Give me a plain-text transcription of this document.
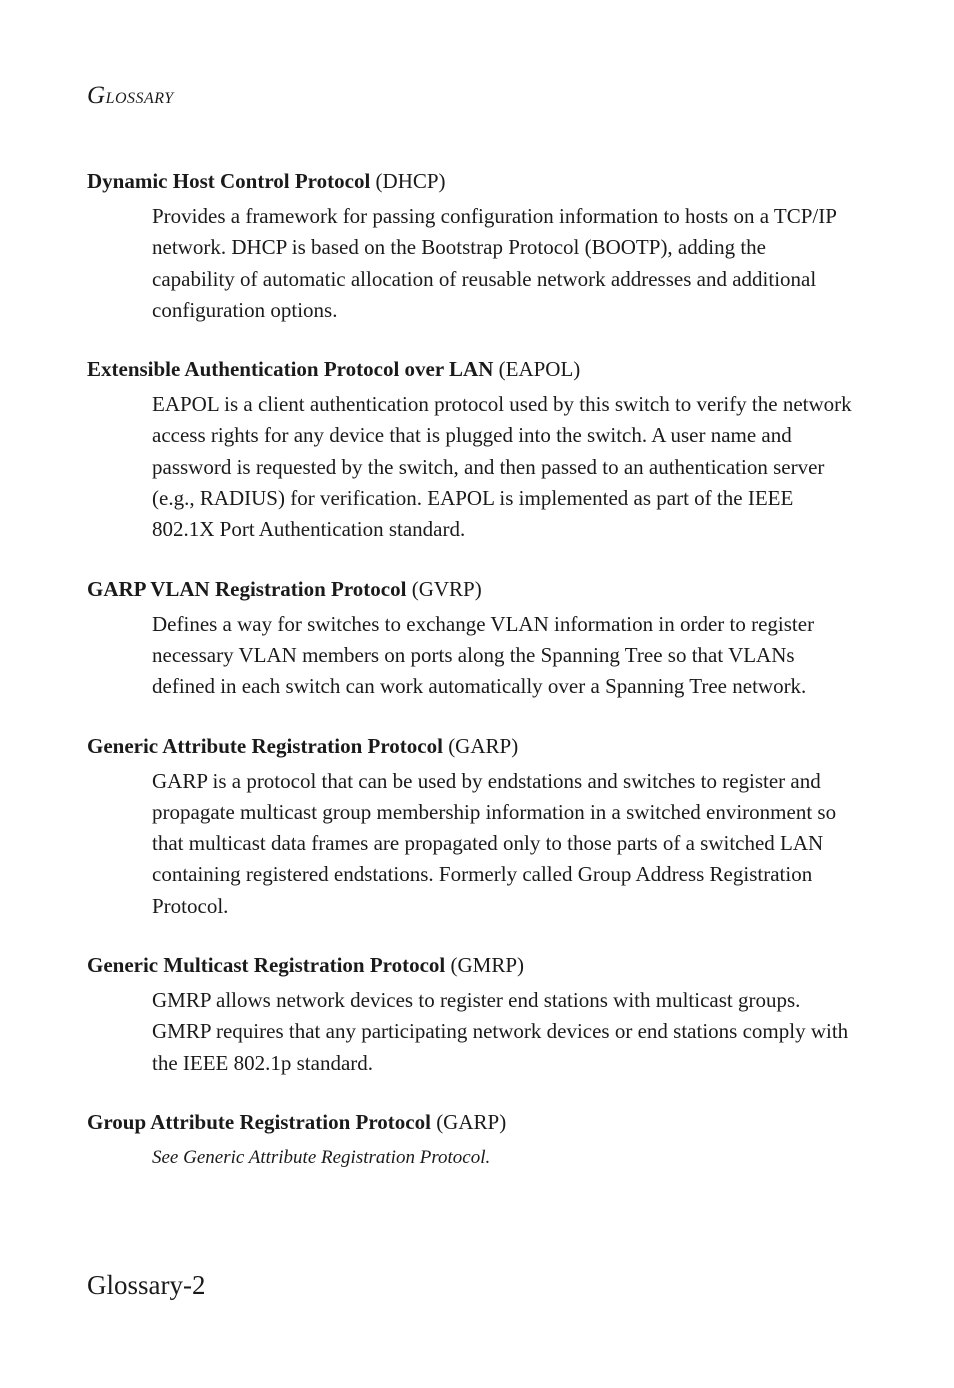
GLOSSARY

Dynamic Host Control Protocol (DHCP)

Provides a framework for passing configuration information to hosts on a TCP/IP network. DHCP is based on the Bootstrap Protocol (BOOTP), adding the capability of automatic allocation of reusable network addresses and additional configuration options.

Extensible Authentication Protocol over LAN (EAPOL)

EAPOL is a client authentication protocol used by this switch to verify the network access rights for any device that is plugged into the switch. A user name and password is requested by the switch, and then passed to an authentication server (e.g., RADIUS) for verification. EAPOL is implemented as part of the IEEE 802.1X Port Authentication standard.

GARP VLAN Registration Protocol (GVRP)

Defines a way for switches to exchange VLAN information in order to register necessary VLAN members on ports along the Spanning Tree so that VLANs defined in each switch can work automatically over a Spanning Tree network.

Generic Attribute Registration Protocol (GARP)

GARP is a protocol that can be used by endstations and switches to register and propagate multicast group membership information in a switched environment so that multicast data frames are propagated only to those parts of a switched LAN containing registered endstations. Formerly called Group Address Registration Protocol.

Generic Multicast Registration Protocol (GMRP)

GMRP allows network devices to register end stations with multicast groups. GMRP requires that any participating network devices or end stations comply with the IEEE 802.1p standard.

Group Attribute Registration Protocol (GARP)

See Generic Attribute Registration Protocol.

Glossary-2
